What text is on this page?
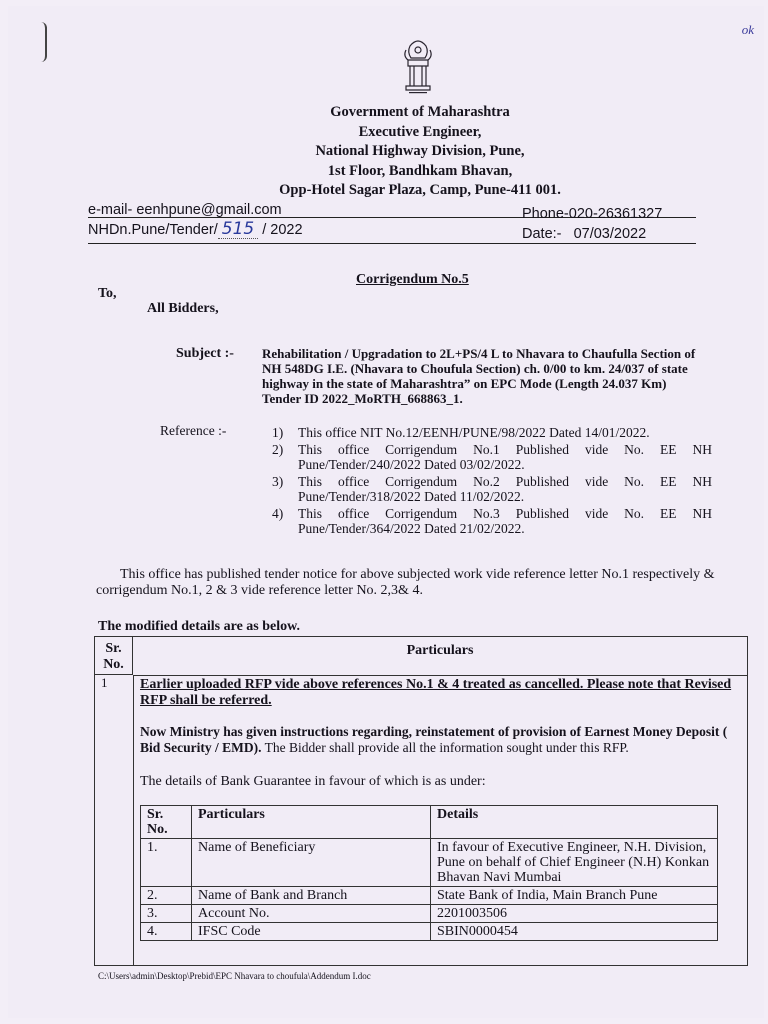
ok
Government of Maharashtra
Executive Engineer,
National Highway Division, Pune,
1st Floor, Bandhkam Bhavan,
Opp-Hotel Sagar Plaza, Camp, Pune-411 001.
e-mail- eenhpune@gmail.com
NHDn.Pune/Tender/ 515 / 2022
Phone-020-26361327
Date:-   07/03/2022
Corrigendum No.5
To,
All Bidders,
Subject :- Rehabilitation / Upgradation to 2L+PS/4 L to Nhavara to Chaufulla Section of NH 548DG I.E. (Nhavara to Choufula Section) ch. 0/00 to km. 24/037 of state highway in the state of Maharashtra” on EPC Mode (Length 24.037 Km) Tender ID 2022_MoRTH_668863_1.
Reference :-	1)	This office NIT No.12/EENH/PUNE/98/2022 Dated 14/01/2022.
2)	This office Corrigendum No.1 Published vide No. EE NH Pune/Tender/240/2022 Dated 03/02/2022.
3)	This office Corrigendum No.2 Published vide No. EE NH Pune/Tender/318/2022 Dated 11/02/2022.
4)	This office Corrigendum No.3 Published vide No. EE NH Pune/Tender/364/2022 Dated 21/02/2022.
This office has published tender notice for above subjected work vide reference letter No.1 respectively & corrigendum No.1, 2 & 3 vide reference letter No. 2,3& 4.
The modified details are as below.
Sr. No.
Particulars
1 Earlier uploaded RFP vide above references No.1 & 4 treated as cancelled. Please note that Revised RFP shall be referred.
Now Ministry has given instructions regarding, reinstatement of provision of Earnest Money Deposit ( Bid Security / EMD). The Bidder shall provide all the information sought under this RFP.
The details of Bank Guarantee in favour of which is as under:
Sr. No.	Particulars	Details
1.	Name of Beneficiary	In favour of Executive Engineer, N.H. Division, Pune on behalf of Chief Engineer (N.H) Konkan Bhavan Navi Mumbai
2.	Name of Bank and Branch	State Bank of India, Main Branch Pune
3.	Account No.	2201003506
4.	IFSC Code	SBIN0000454
C:\Users\admin\Desktop\Prebid\EPC Nhavara to choufula\Addendum I.doc
